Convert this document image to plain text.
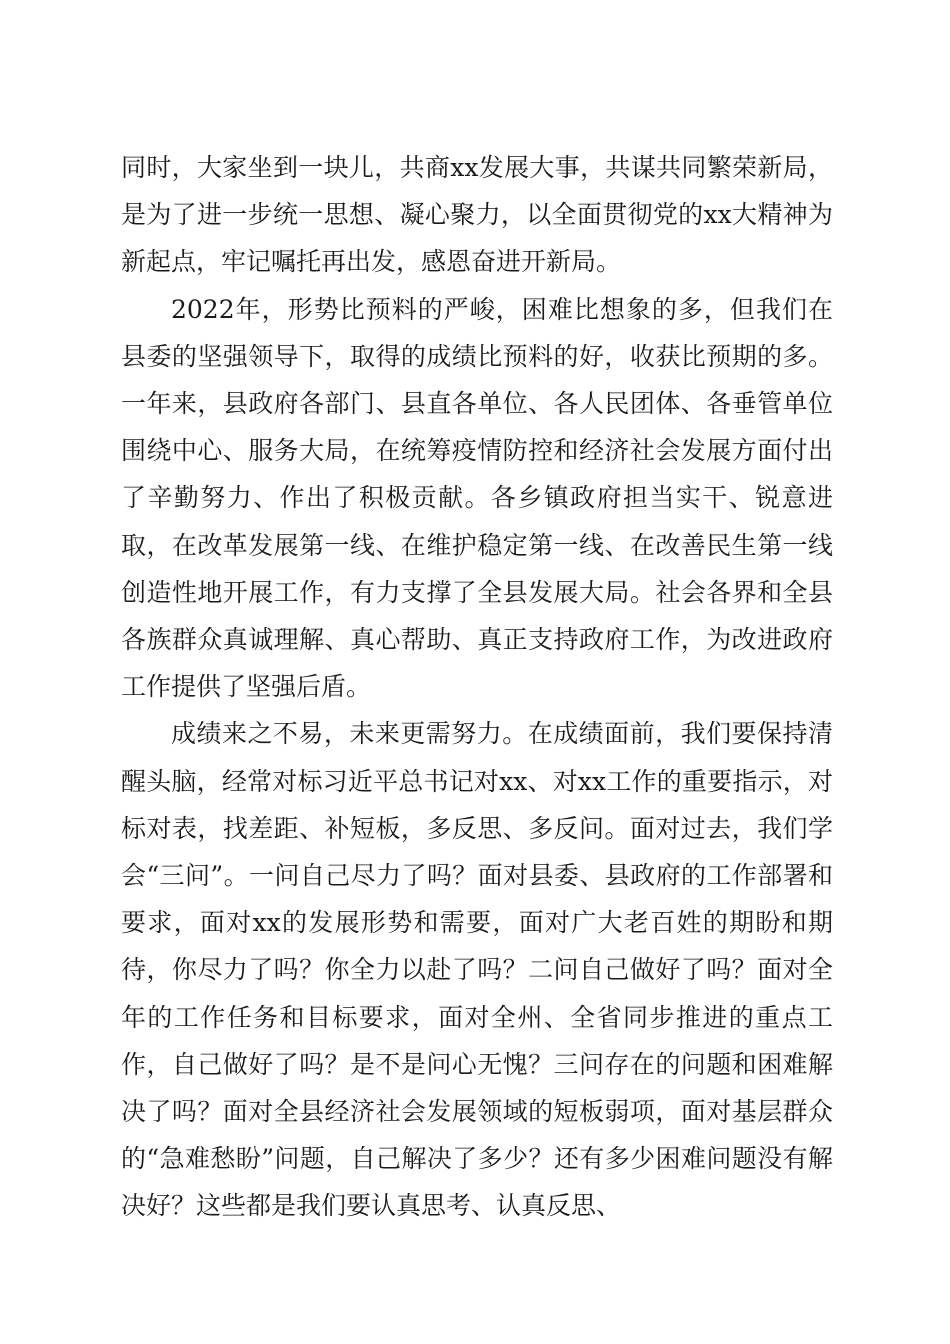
同时，大家坐到一块儿，共商xx发展大事，共谋共同繁荣新局，是为了进一步统一思想、凝心聚力，以全面贯彻党的xx大精神为新起点，牢记嘱托再出发，感恩奋进开新局。

2022年，形势比预料的严峻，困难比想象的多，但我们在县委的坚强领导下，取得的成绩比预料的好，收获比预期的多。一年来，县政府各部门、县直各单位、各人民团体、各垂管单位围绕中心、服务大局，在统筹疫情防控和经济社会发展方面付出了辛勤努力、作出了积极贡献。各乡镇政府担当实干、锐意进取，在改革发展第一线、在维护稳定第一线、在改善民生第一线创造性地开展工作，有力支撑了全县发展大局。社会各界和全县各族群众真诚理解、真心帮助、真正支持政府工作，为改进政府工作提供了坚强后盾。

成绩来之不易，未来更需努力。在成绩面前，我们要保持清醒头脑，经常对标习近平总书记对xx、对xx工作的重要指示，对标对表，找差距、补短板，多反思、多反问。面对过去，我们学会“三问”。一问自己尽力了吗？面对县委、县政府的工作部署和要求，面对xx的发展形势和需要，面对广大老百姓的期盼和期待，你尽力了吗？你全力以赴了吗？二问自己做好了吗？面对全年的工作任务和目标要求，面对全州、全省同步推进的重点工作，自己做好了吗？是不是问心无愧？三问存在的问题和困难解决了吗？面对全县经济社会发展领域的短板弱项，面对基层群众的“急难愁盼”问题，自己解决了多少？还有多少困难问题没有解决好？这些都是我们要认真思考、认真反思、
